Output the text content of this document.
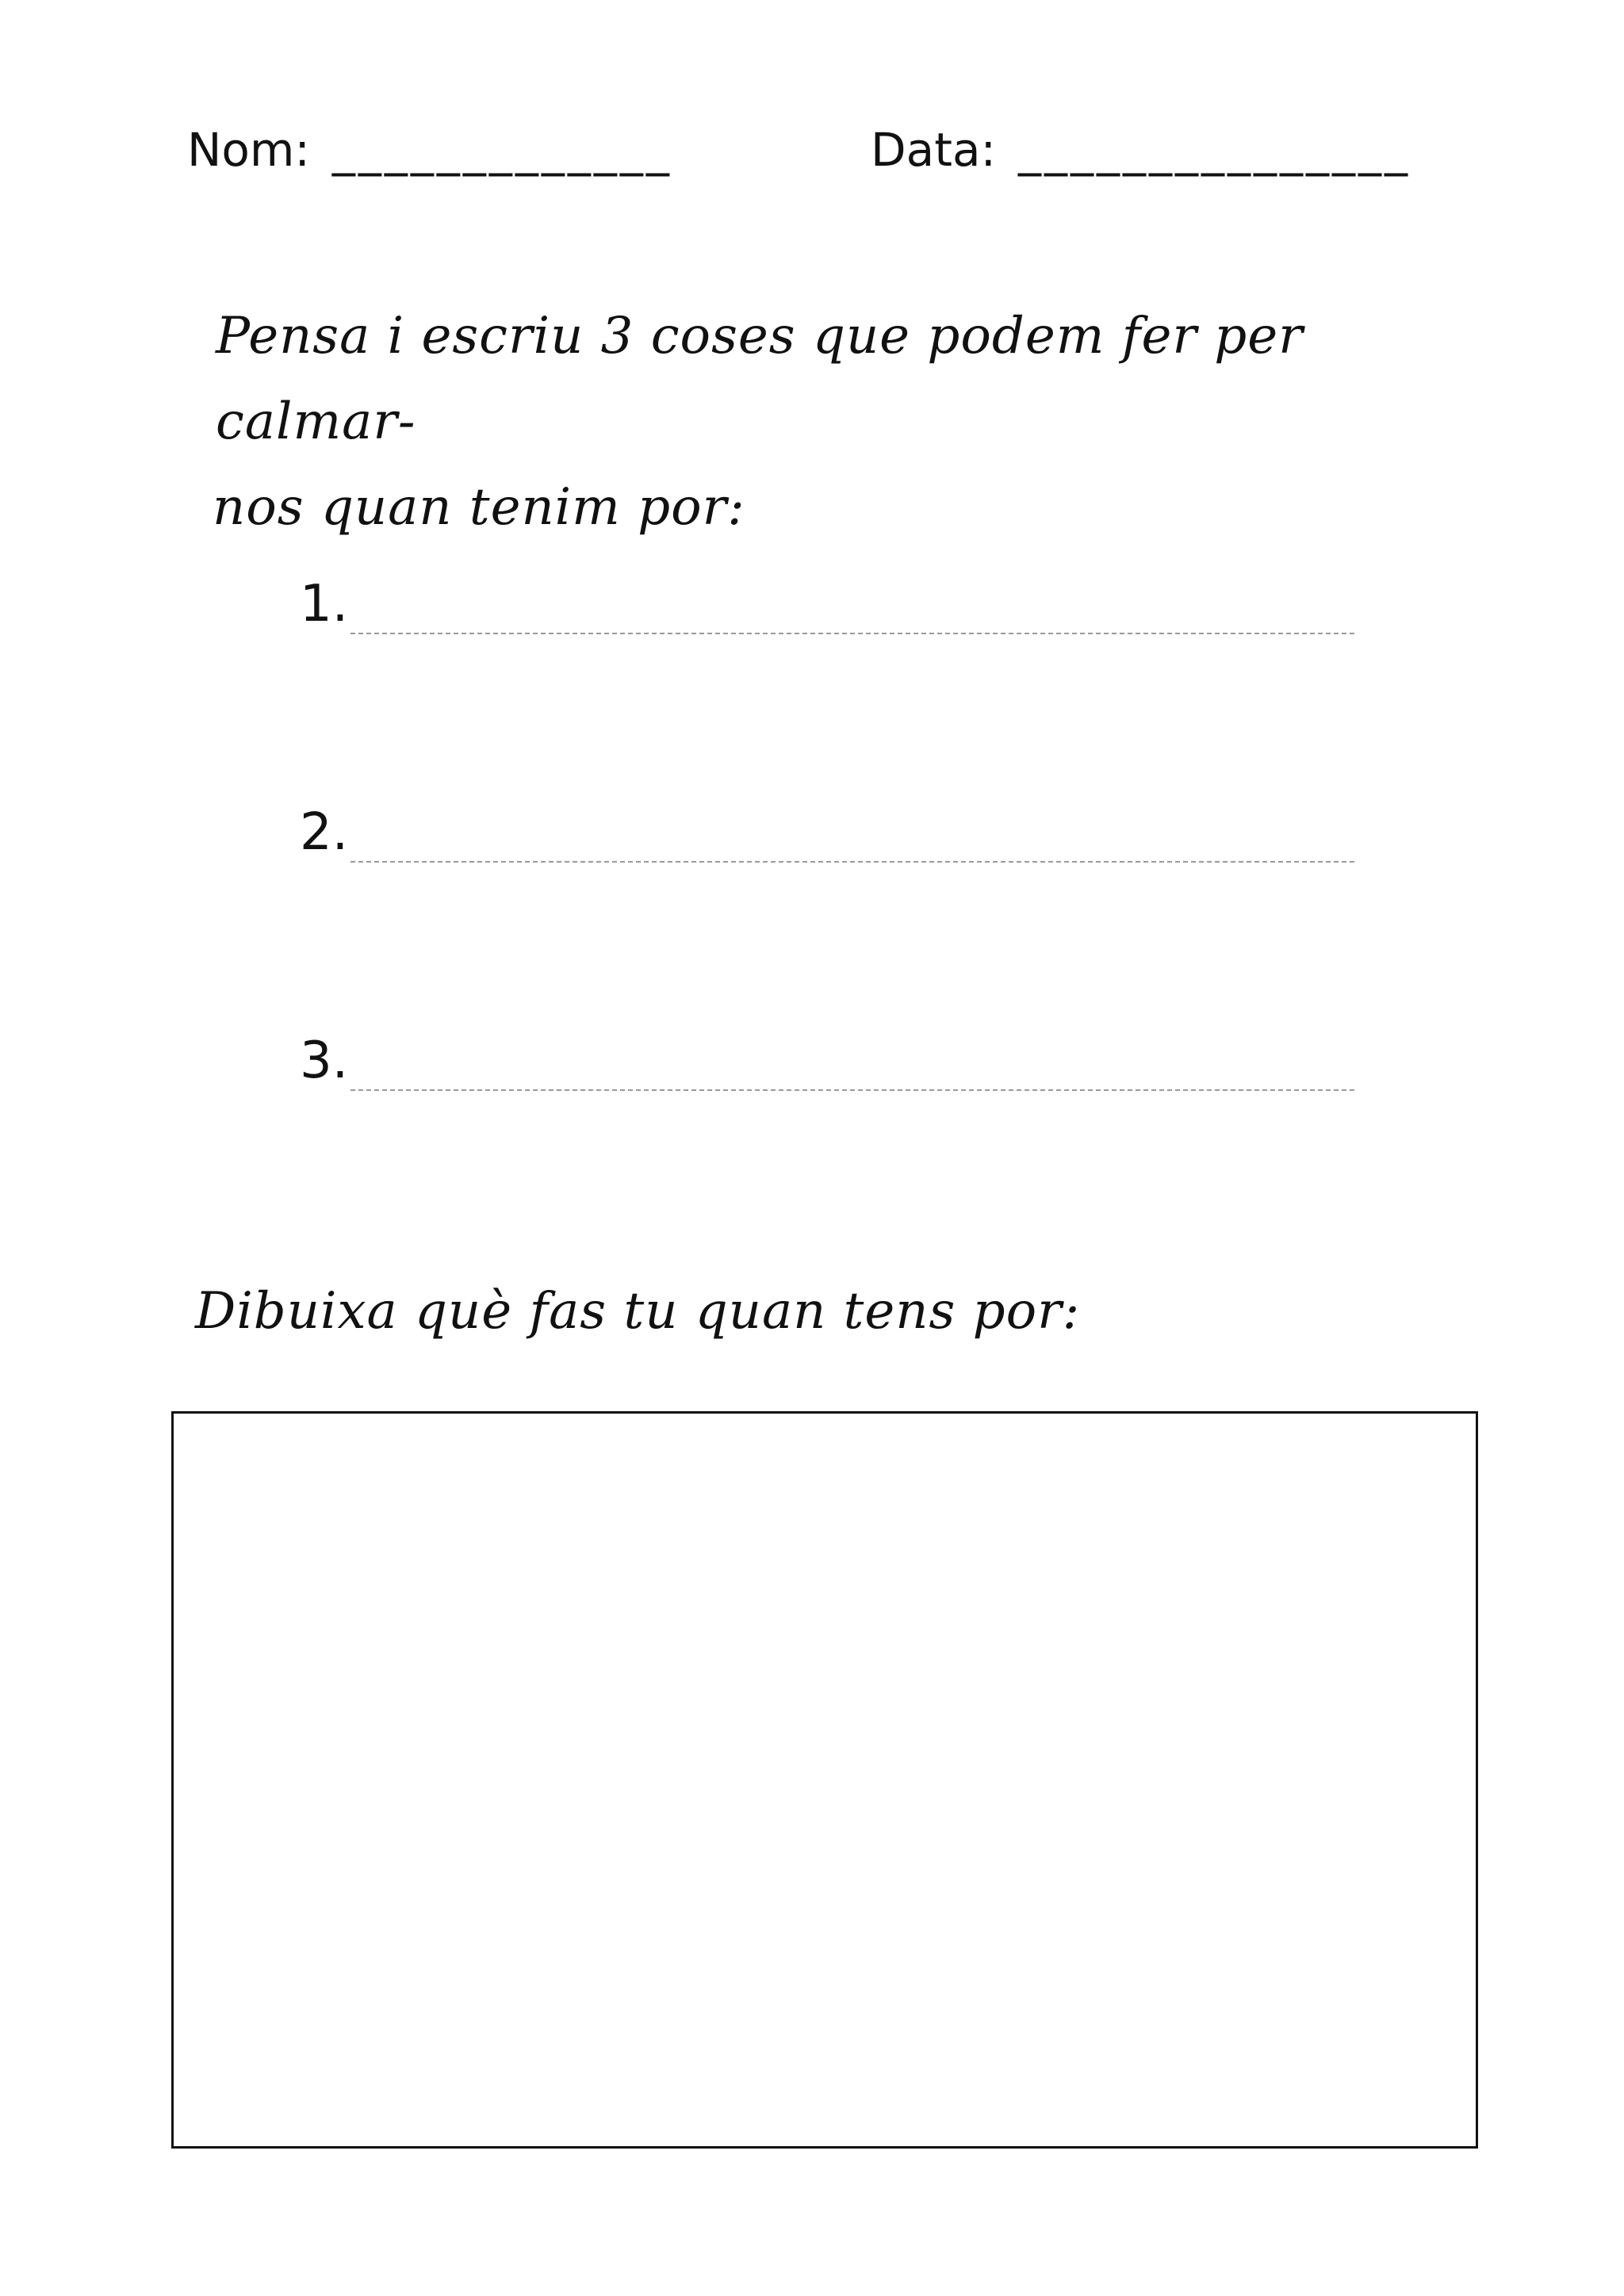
Nom: _____________	Data: _______________
Pensa i escriu 3 coses que podem fer per calmar-
nos quan tenim por:
1.
2.
3.
Dibuixa què fas tu quan tens por:
